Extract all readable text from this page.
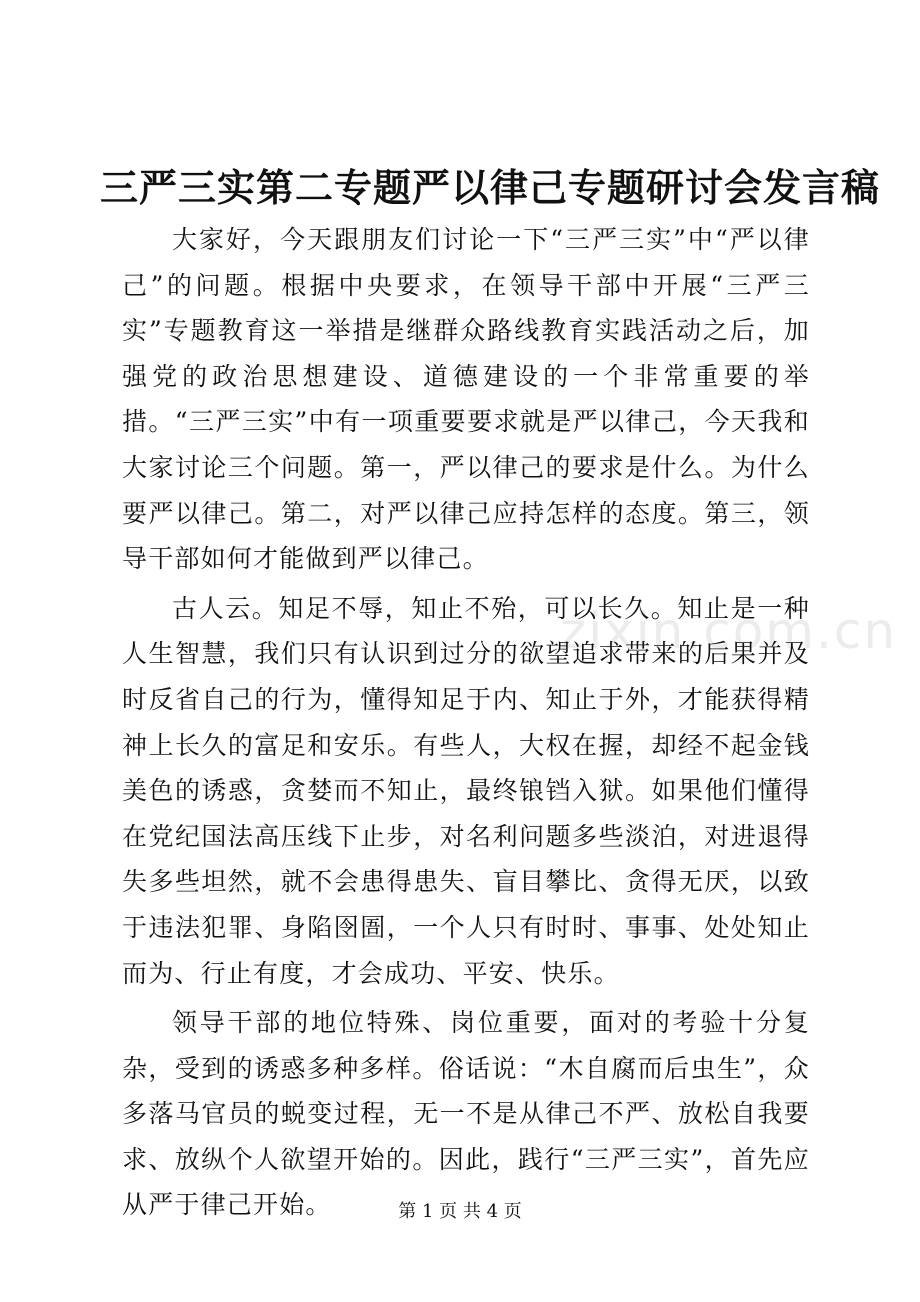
zixin.com.cn
三严三实第二专题严以律己专题研讨会发言稿

大家好，今天跟朋友们讨论一下“三严三实”中“严以律己”的问题。根据中央要求，在领导干部中开展“三严三实”专题教育这一举措是继群众路线教育实践活动之后，加强党的政治思想建设、道德建设的一个非常重要的举措。“三严三实”中有一项重要要求就是严以律己，今天我和大家讨论三个问题。第一，严以律己的要求是什么。为什么要严以律己。第二，对严以律己应持怎样的态度。第三，领导干部如何才能做到严以律己。

古人云。知足不辱，知止不殆，可以长久。知止是一种人生智慧，我们只有认识到过分的欲望追求带来的后果并及时反省自己的行为，懂得知足于内、知止于外，才能获得精神上长久的富足和安乐。有些人，大权在握，却经不起金钱美色的诱惑，贪婪而不知止，最终锒铛入狱。如果他们懂得在党纪国法高压线下止步，对名利问题多些淡泊，对进退得失多些坦然，就不会患得患失、盲目攀比、贪得无厌，以致于违法犯罪、身陷囹圄，一个人只有时时、事事、处处知止而为、行止有度，才会成功、平安、快乐。

领导干部的地位特殊、岗位重要，面对的考验十分复杂，受到的诱惑多种多样。俗话说：“木自腐而后虫生”，众多落马官员的蜕变过程，无一不是从律己不严、放松自我要求、放纵个人欲望开始的。因此，践行“三严三实”，首先应从严于律己开始。	第 1 页 共 4 页
